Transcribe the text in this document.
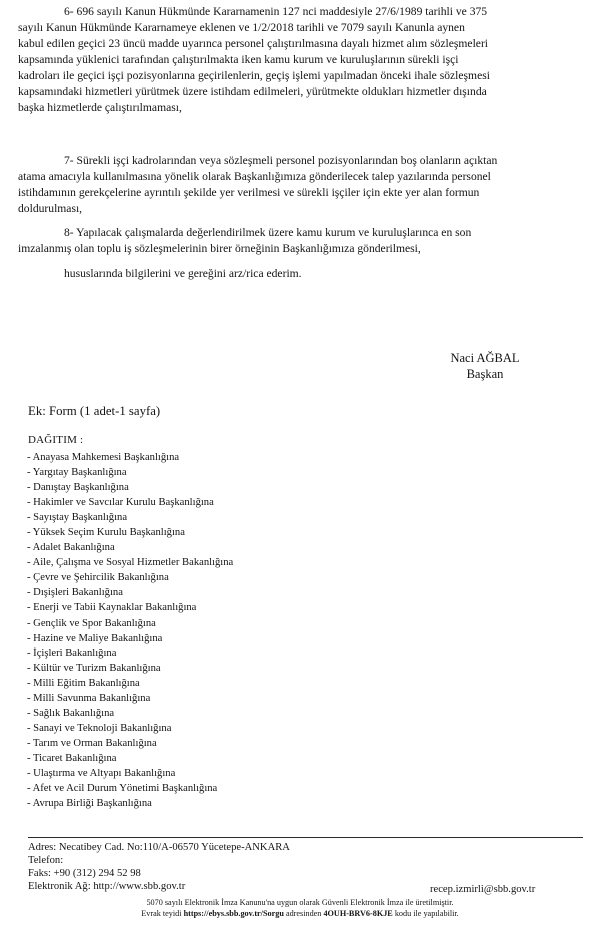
6- 696 sayılı Kanun Hükmünde Kararnamenin 127 nci maddesiyle 27/6/1989 tarihli ve 375
sayılı Kanun Hükmünde Kararnameye eklenen ve 1/2/2018 tarihli ve 7079 sayılı Kanunla aynen
kabul edilen geçici 23 üncü madde uyarınca personel çalıştırılmasına dayalı hizmet alım sözleşmeleri
kapsamında yüklenici tarafından çalıştırılmakta iken kamu kurum ve kuruluşlarının sürekli işçi
kadroları ile geçici işçi pozisyonlarına geçirilenlerin, geçiş işlemi yapılmadan önceki ihale sözleşmesi
kapsamındaki hizmetleri yürütmek üzere istihdam edilmeleri, yürütmekte oldukları hizmetler dışında
başka hizmetlerde çalıştırılmaması,
7- Sürekli işçi kadrolarından veya sözleşmeli personel pozisyonlarından boş olanların açıktan
atama amacıyla kullanılmasına yönelik olarak Başkanlığımıza gönderilecek talep yazılarında personel
istihdamının gerekçelerine ayrıntılı şekilde yer verilmesi ve sürekli işçiler için ekte yer alan formun
doldurulması,
8- Yapılacak çalışmalarda değerlendirilmek üzere kamu kurum ve kuruluşlarınca en son
imzalanmış olan toplu iş sözleşmelerinin birer örneğinin Başkanlığımıza gönderilmesi,
hususlarında bilgilerini ve gereğini arz/rica ederim.
Naci AĞBAL
Başkan
Ek: Form (1 adet-1 sayfa)
DAĞITIM :
- Anayasa Mahkemesi Başkanlığına
- Yargıtay Başkanlığına
- Danıştay Başkanlığına
- Hakimler ve Savcılar Kurulu Başkanlığına
- Sayıştay Başkanlığına
- Yüksek Seçim Kurulu Başkanlığına
- Adalet Bakanlığına
- Aile, Çalışma ve Sosyal Hizmetler Bakanlığına
- Çevre ve Şehircilik Bakanlığına
- Dışişleri Bakanlığına
- Enerji ve Tabii Kaynaklar Bakanlığına
- Gençlik ve Spor Bakanlığına
- Hazine ve Maliye Bakanlığına
- İçişleri Bakanlığına
- Kültür ve Turizm Bakanlığına
- Milli Eğitim Bakanlığına
- Milli Savunma Bakanlığına
- Sağlık Bakanlığına
- Sanayi ve Teknoloji Bakanlığına
- Tarım ve Orman Bakanlığına
- Ticaret Bakanlığına
- Ulaştırma ve Altyapı Bakanlığına
- Afet ve Acil Durum Yönetimi Başkanlığına
- Avrupa Birliği Başkanlığına
Adres: Necatibey Cad. No:110/A-06570 Yücetepe-ANKARA
Telefon:
Faks: +90 (312) 294 52 98
Elektronik Ağ: http://www.sbb.gov.tr	recep.izmirli@sbb.gov.tr
5070 sayılı Elektronik İmza Kanunu'na uygun olarak Güvenli Elektronik İmza ile üretilmiştir.
Evrak teyidi https://ebys.sbb.gov.tr/Sorgu adresinden 4OUH-BRV6-8KJE kodu ile yapılabilir.
